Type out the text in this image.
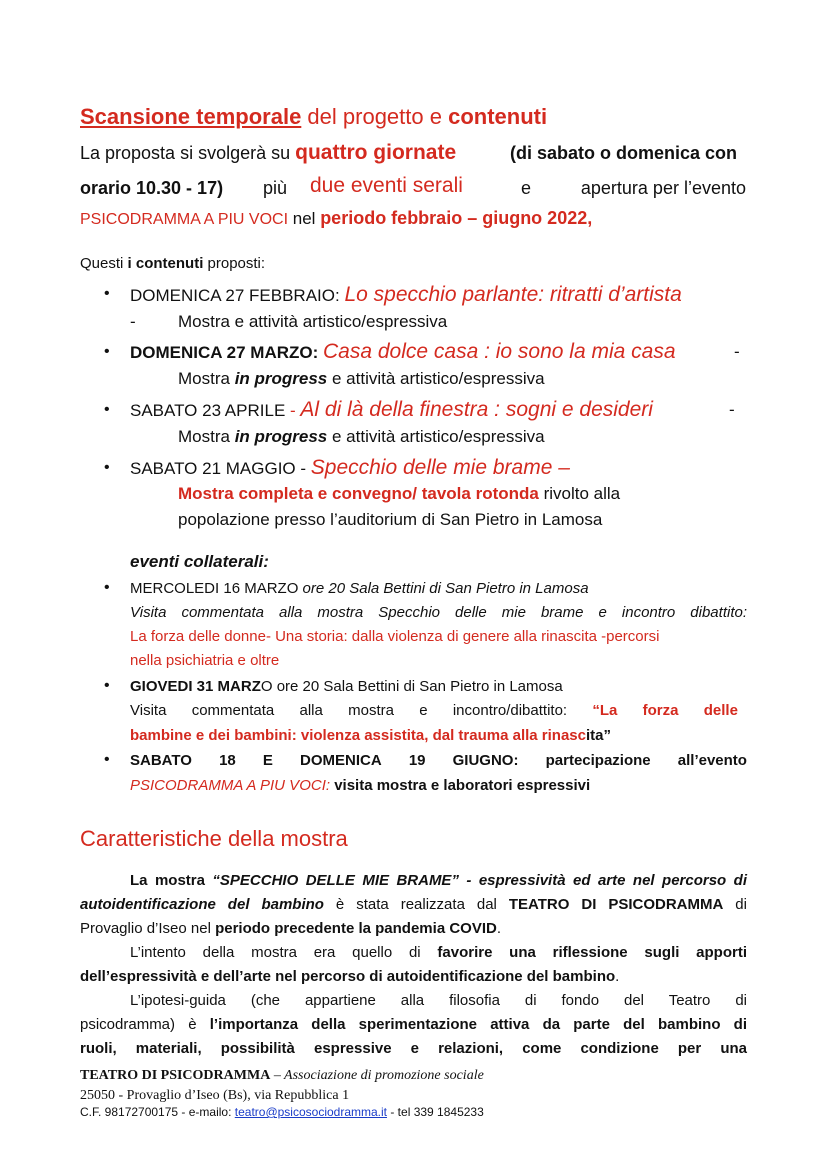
Scansione temporale del progetto e contenuti
La proposta si svolgerà su quattro giornate	(di sabato o domenica con
orario 10.30 - 17) più due eventi serali	e	apertura per l’evento
PSICODRAMMA A PIU VOCI nel periodo febbraio – giugno 2022,
Questi i contenuti proposti:
• DOMENICA 27 FEBBRAIO: Lo specchio parlante: ritratti d’artista
- Mostra e attività artistico/espressiva
• DOMENICA 27 MARZO: Casa dolce casa : io sono la mia casa	-
Mostra in progress e attività artistico/espressiva
• SABATO 23 APRILE - Al di là della finestra : sogni e desideri	-
Mostra in progress e attività artistico/espressiva
• SABATO 21 MAGGIO - Specchio delle mie brame –
Mostra completa e convegno/ tavola rotonda rivolto alla
popolazione presso l’auditorium di San Pietro in Lamosa
eventi collaterali:
• MERCOLEDI 16 MARZO ore 20 Sala Bettini di San Pietro in Lamosa
Visita commentata alla mostra Specchio delle mie brame e incontro dibattito:
La forza delle donne- Una storia: dalla violenza di genere alla rinascita -percorsi
nella psichiatria e oltre
• GIOVEDI 31 MARZO ore 20 Sala Bettini di San Pietro in Lamosa
Visita commentata alla mostra e incontro/dibattito: “La forza delle
bambine e dei bambini: violenza assistita, dal trauma alla rinascita”
• SABATO 18 E DOMENICA 19 GIUGNO: partecipazione all’evento
PSICODRAMMA A PIU VOCI: visita mostra e laboratori espressivi
Caratteristiche della mostra
La mostra “SPECCHIO DELLE MIE BRAME” - espressività ed arte nel percorso di
autoidentificazione del bambino è stata realizzata dal TEATRO DI PSICODRAMMA di
Provaglio d’Iseo nel periodo precedente la pandemia COVID.
L’intento della mostra era quello di favorire una riflessione sugli apporti
dell’espressività e dell’arte nel percorso di autoidentificazione del bambino.
L’ipotesi-guida (che appartiene alla filosofia di fondo del Teatro di
psicodramma) è l’importanza della sperimentazione attiva da parte del bambino di
ruoli, materiali, possibilità espressive e relazioni, come condizione per una
TEATRO DI PSICODRAMMA – Associazione di promozione sociale
25050 - Provaglio d’Iseo (Bs), via Repubblica 1
C.F. 98172700175 - e-mailo: teatro@psicosociodramma.it - tel 339 1845233
